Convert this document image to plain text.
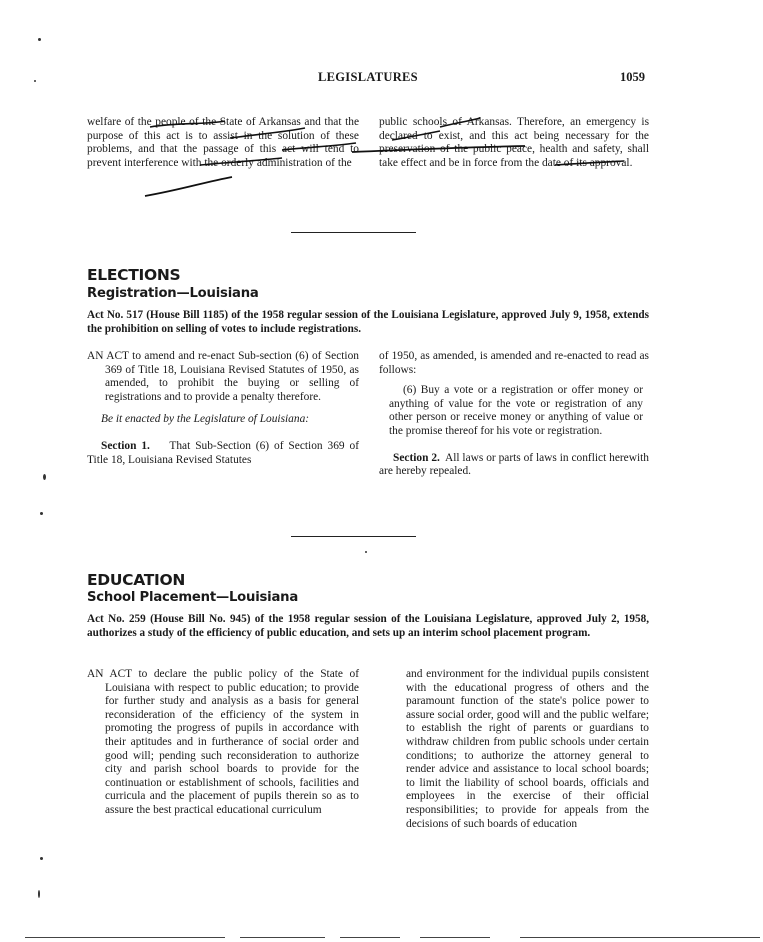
LEGISLATURES	1059

welfare of the people of the State of Arkansas and that the purpose of this act is to assist in the solution of these problems, and that the passage of this act will tend to prevent interference with the orderly administration of the

public schools of Arkansas. Therefore, an emergency is declared to exist, and this act being necessary for the preservation of the public peace, health and safety, shall take effect and be in force from the date of its approval.

ELECTIONS
Registration—Louisiana
Act No. 517 (House Bill 1185) of the 1958 regular session of the Louisiana Legislature, approved July 9, 1958, extends the prohibition on selling of votes to include registrations.

AN ACT to amend and re-enact Sub-section (6) of Section 369 of Title 18, Louisiana Revised Statutes of 1950, as amended, to prohibit the buying or selling of registrations and to provide a penalty therefore.

Be it enacted by the Legislature of Louisiana:

Section 1. That Sub-Section (6) of Section 369 of Title 18, Louisiana Revised Statutes

of 1950, as amended, is amended and re-enacted to read as follows:

(6) Buy a vote or a registration or offer money or anything of value for the vote or registration of any other person or receive money or anything of value or the promise thereof for his vote or registration.

Section 2. All laws or parts of laws in conflict herewith are hereby repealed.

EDUCATION
School Placement—Louisiana
Act No. 259 (House Bill No. 945) of the 1958 regular session of the Louisiana Legislature, approved July 2, 1958, authorizes a study of the efficiency of public education, and sets up an interim school placement program.

AN ACT to declare the public policy of the State of Louisiana with respect to public education; to provide for further study and analysis as a basis for general reconsideration of the efficiency of the system in promoting the progress of pupils in accordance with their aptitudes and in furtherance of social order and good will; pending such reconsideration to authorize city and parish school boards to provide for the continuation or establishment of schools, facilities and curricula and the placement of pupils therein so as to assure the best practical educational curriculum

and environment for the individual pupils consistent with the educational progress of others and the paramount function of the state's police power to assure social order, good will and the public welfare; to establish the right of parents or guardians to withdraw children from public schools under certain conditions; to authorize the attorney general to render advice and assistance to local school boards; to limit the liability of school boards, officials and employees in the exercise of their official responsibilities; to provide for appeals from the decisions of such boards of education
